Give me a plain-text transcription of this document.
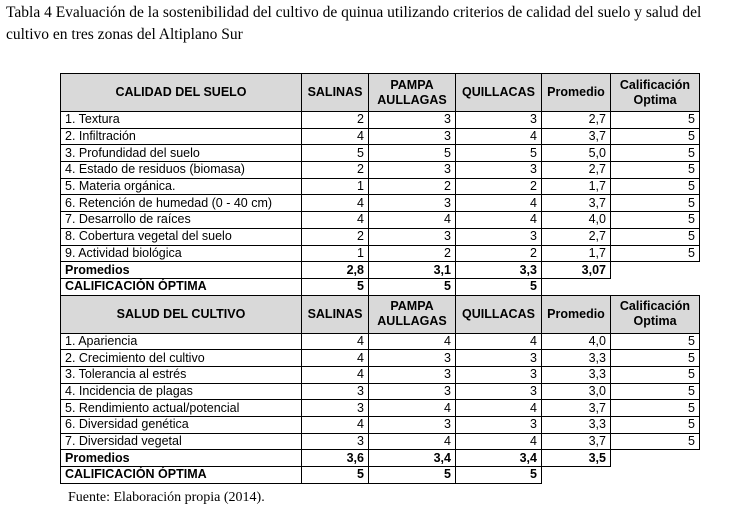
Tabla 4 Evaluación de la sostenibilidad del cultivo de quinua utilizando criterios de calidad del suelo y salud del cultivo en tres zonas del Altiplano Sur
CALIDAD DEL SUELO	SALINAS	PAMPA AULLAGAS	QUILLACAS	Promedio	Calificación Optima
1. Textura	2	3	3	2,7	5
2. Infiltración	4	3	4	3,7	5
3. Profundidad del suelo	5	5	5	5,0	5
4. Estado de residuos (biomasa)	2	3	3	2,7	5
5. Materia orgánica.	1	2	2	1,7	5
6. Retención de humedad (0 - 40 cm)	4	3	4	3,7	5
7. Desarrollo de raíces	4	4	4	4,0	5
8. Cobertura vegetal del suelo	2	3	3	2,7	5
9. Actividad biológica	1	2	2	1,7	5
Promedios	2,8	3,1	3,3	3,07	
CALIFICACIÓN ÓPTIMA	5	5	5		
SALUD DEL CULTIVO	SALINAS	PAMPA AULLAGAS	QUILLACAS	Promedio	Calificación Optima
1. Apariencia	4	4	4	4,0	5
2. Crecimiento del cultivo	4	3	3	3,3	5
3. Tolerancia al estrés	4	3	3	3,3	5
4. Incidencia de plagas	3	3	3	3,0	5
5. Rendimiento actual/potencial	3	4	4	3,7	5
6. Diversidad genética	4	3	3	3,3	5
7. Diversidad vegetal	3	4	4	3,7	5
Promedios	3,6	3,4	3,4	3,5	
CALIFICACIÓN ÓPTIMA	5	5	5		
Fuente: Elaboración propia (2014).
